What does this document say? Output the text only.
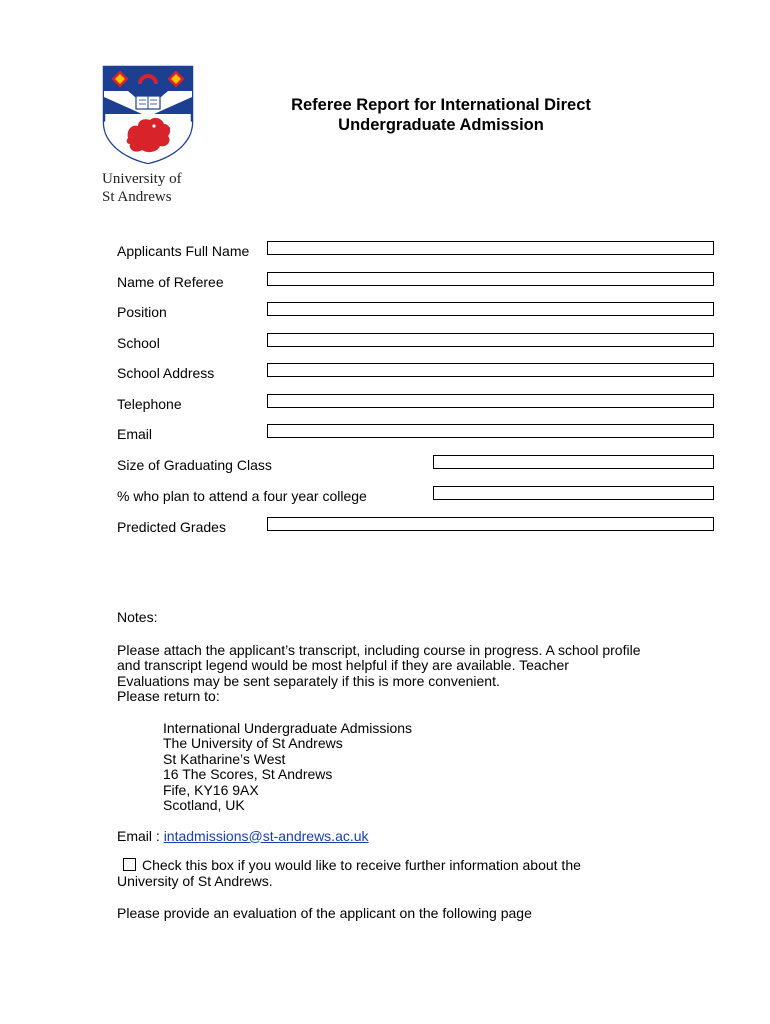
University of
St Andrews
Referee Report for International Direct
Undergraduate Admission
Applicants Full Name
Name of Referee
Position
School
School Address
Telephone
Email
Size of Graduating Class
% who plan to attend a four year college
Predicted Grades
Notes:

Please attach the applicant’s transcript, including course in progress. A school profile

and transcript legend would be most helpful if they are available. Teacher

Evaluations may be sent separately if this is more convenient.

Please return to:

International Undergraduate Admissions

The University of St Andrews

St Katharine’s West

16 The Scores, St Andrews

Fife, KY16 9AX

Scotland, UK

Email : intadmissions@st-andrews.ac.uk

Check this box if you would like to receive further information about the

University of St Andrews.

Please provide an evaluation of the applicant on the following page
